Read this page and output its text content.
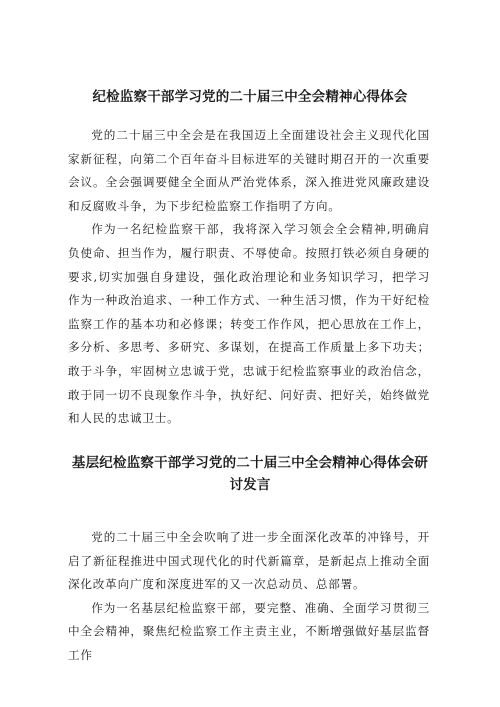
纪检监察干部学习党的二十届三中全会精神心得体会

党的二十届三中全会是在我国迈上全面建设社会主义现代化国家新征程，向第二个百年奋斗目标进军的关键时期召开的一次重要会议。全会强调要健全全面从严治党体系，深入推进党风廉政建设和反腐败斗争，为下步纪检监察工作指明了方向。

作为一名纪检监察干部，我将深入学习领会全会精神,明确肩负使命、担当作为，履行职责、不辱使命。按照打铁必须自身硬的要求,切实加强自身建设，强化政治理论和业务知识学习，把学习作为一种政治追求、一种工作方式、一种生活习惯，作为干好纪检监察工作的基本功和必修课；转变工作作风，把心思放在工作上，多分析、多思考、多研究、多谋划，在提高工作质量上多下功夫；敢于斗争，牢固树立忠诚于党，忠诚于纪检监察事业的政治信念，敢于同一切不良现象作斗争，执好纪、问好责、把好关，始终做党和人民的忠诚卫士。

基层纪检监察干部学习党的二十届三中全会精神心得体会研讨发言

党的二十届三中全会吹响了进一步全面深化改革的冲锋号，开启了新征程推进中国式现代化的时代新篇章，是新起点上推动全面深化改革向广度和深度进军的又一次总动员、总部署。

作为一名基层纪检监察干部，要完整、准确、全面学习贯彻三中全会精神，聚焦纪检监察工作主责主业，不断增强做好基层监督工作
